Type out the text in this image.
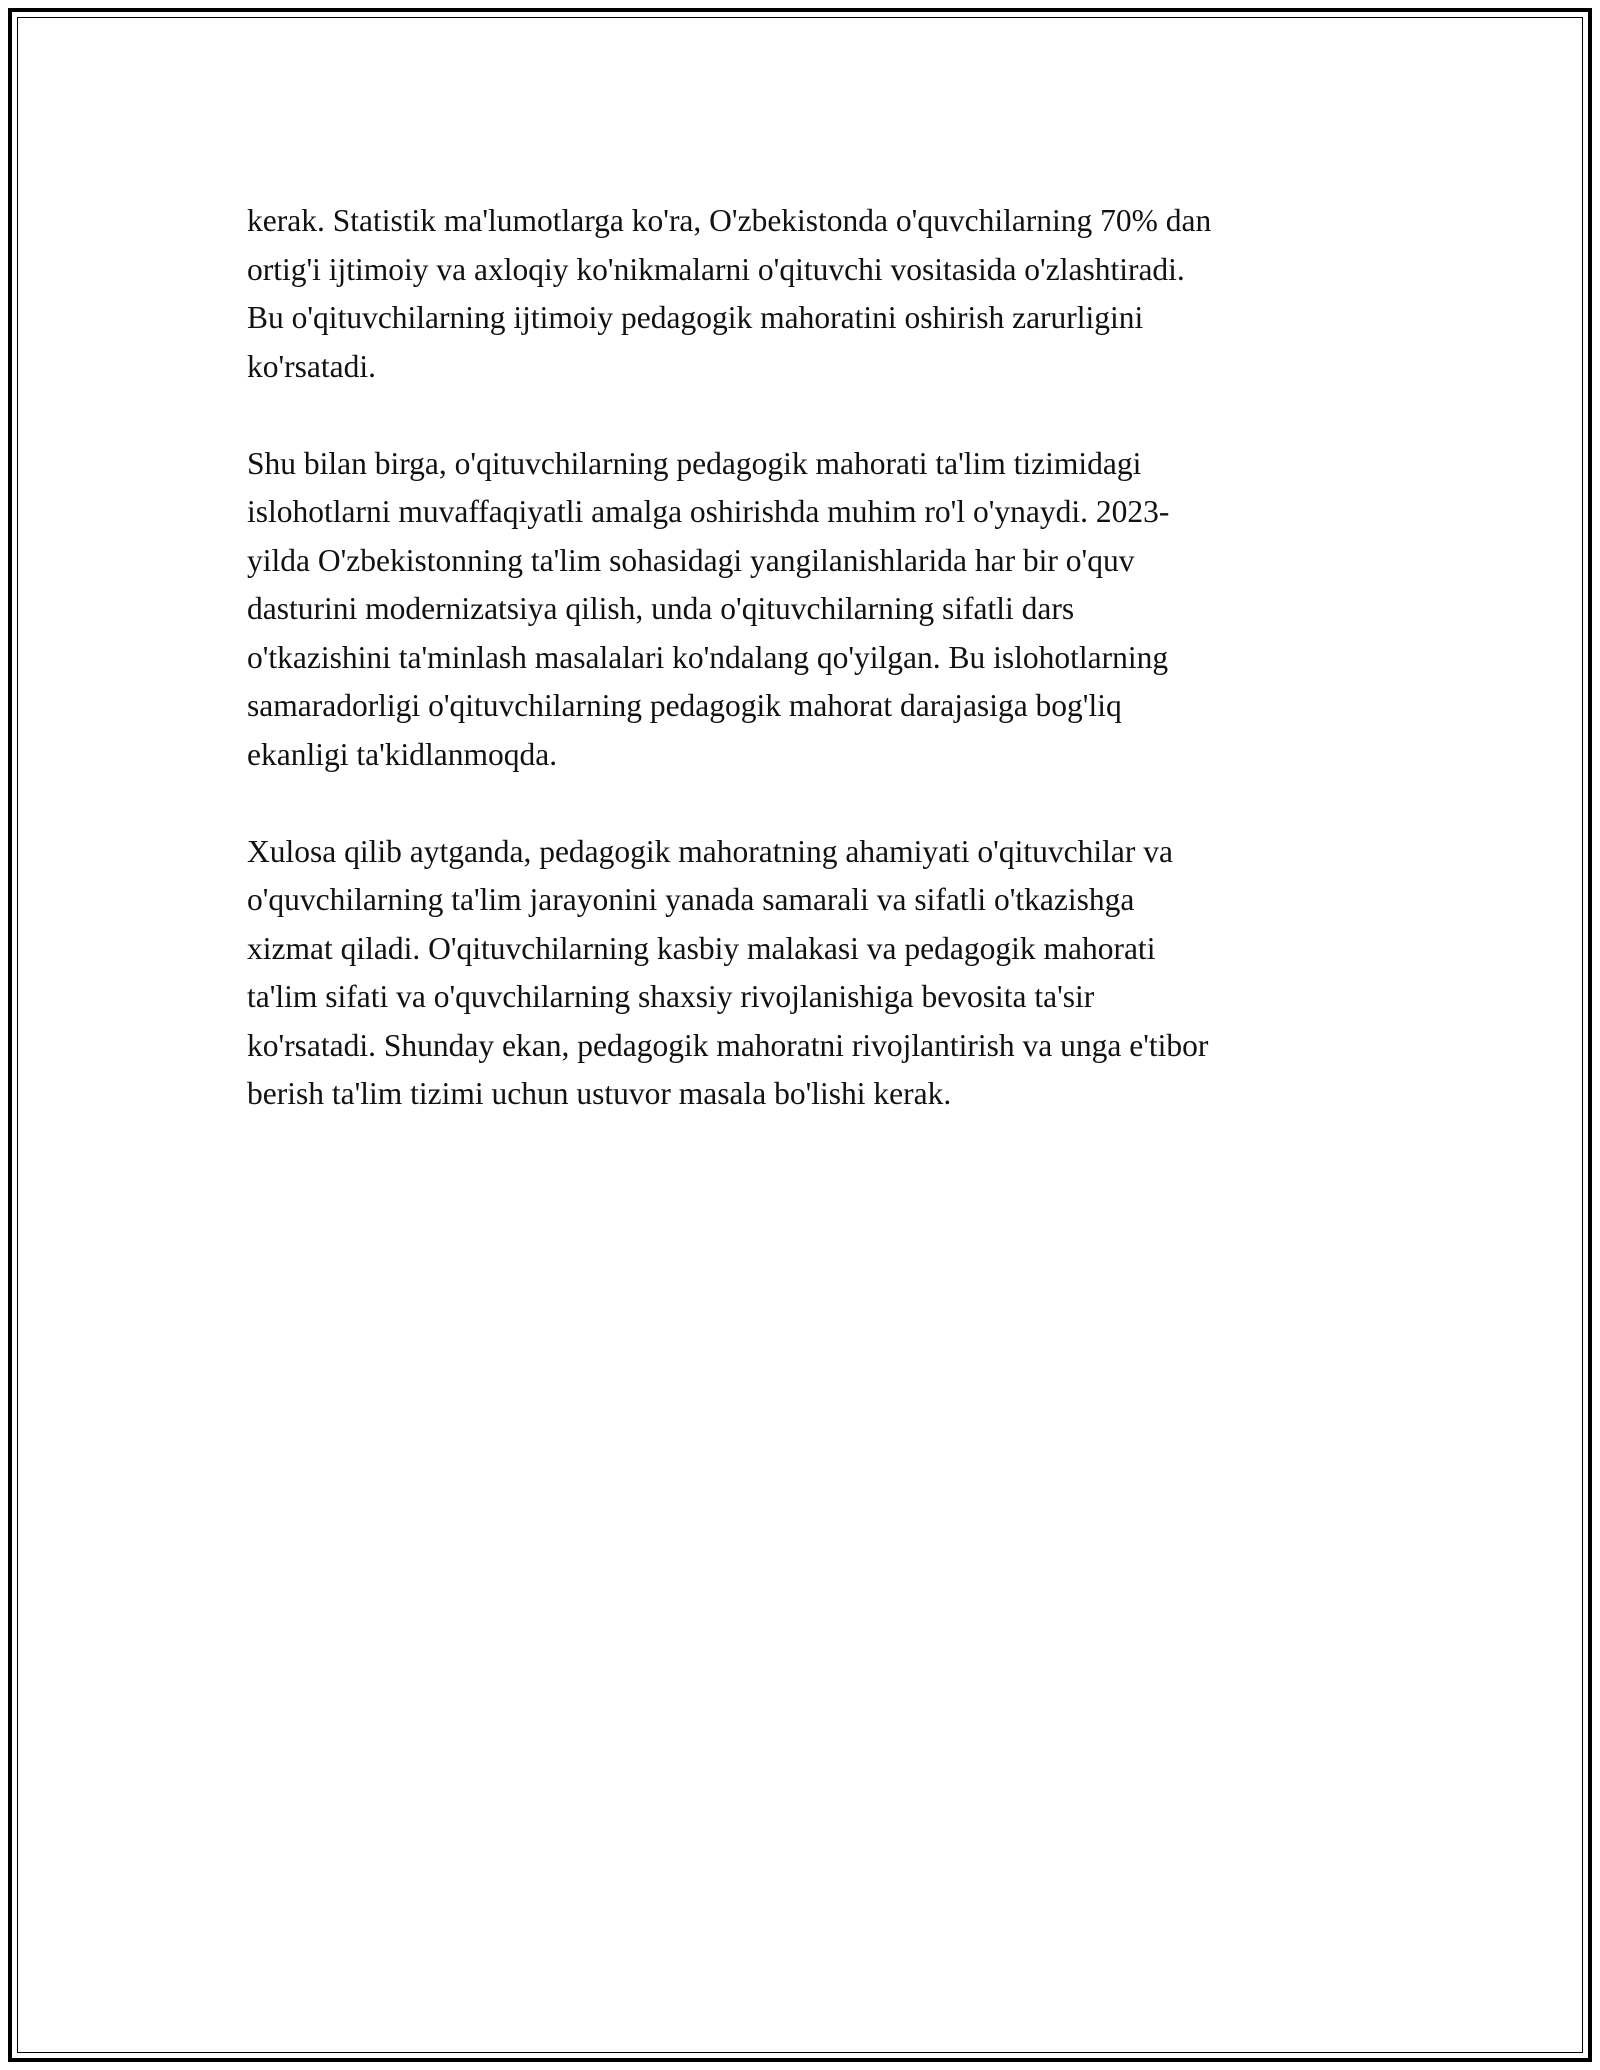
kerak. Statistik ma'lumotlarga ko'ra, O'zbekistonda o'quvchilarning 70% dan
ortig'i ijtimoiy va axloqiy ko'nikmalarni o'qituvchi vositasida o'zlashtiradi.
Bu o'qituvchilarning ijtimoiy pedagogik mahoratini oshirish zarurligini
ko'rsatadi.

Shu bilan birga, o'qituvchilarning pedagogik mahorati ta'lim tizimidagi
islohotlarni muvaffaqiyatli amalga oshirishda muhim ro'l o'ynaydi. 2023-
yilda O'zbekistonning ta'lim sohasidagi yangilanishlarida har bir o'quv
dasturini modernizatsiya qilish, unda o'qituvchilarning sifatli dars
o'tkazishini ta'minlash masalalari ko'ndalang qo'yilgan. Bu islohotlarning
samaradorligi o'qituvchilarning pedagogik mahorat darajasiga bog'liq
ekanligi ta'kidlanmoqda.

Xulosa qilib aytganda, pedagogik mahoratning ahamiyati o'qituvchilar va
o'quvchilarning ta'lim jarayonini yanada samarali va sifatli o'tkazishga
xizmat qiladi. O'qituvchilarning kasbiy malakasi va pedagogik mahorati
ta'lim sifati va o'quvchilarning shaxsiy rivojlanishiga bevosita ta'sir
ko'rsatadi. Shunday ekan, pedagogik mahoratni rivojlantirish va unga e'tibor
berish ta'lim tizimi uchun ustuvor masala bo'lishi kerak.
